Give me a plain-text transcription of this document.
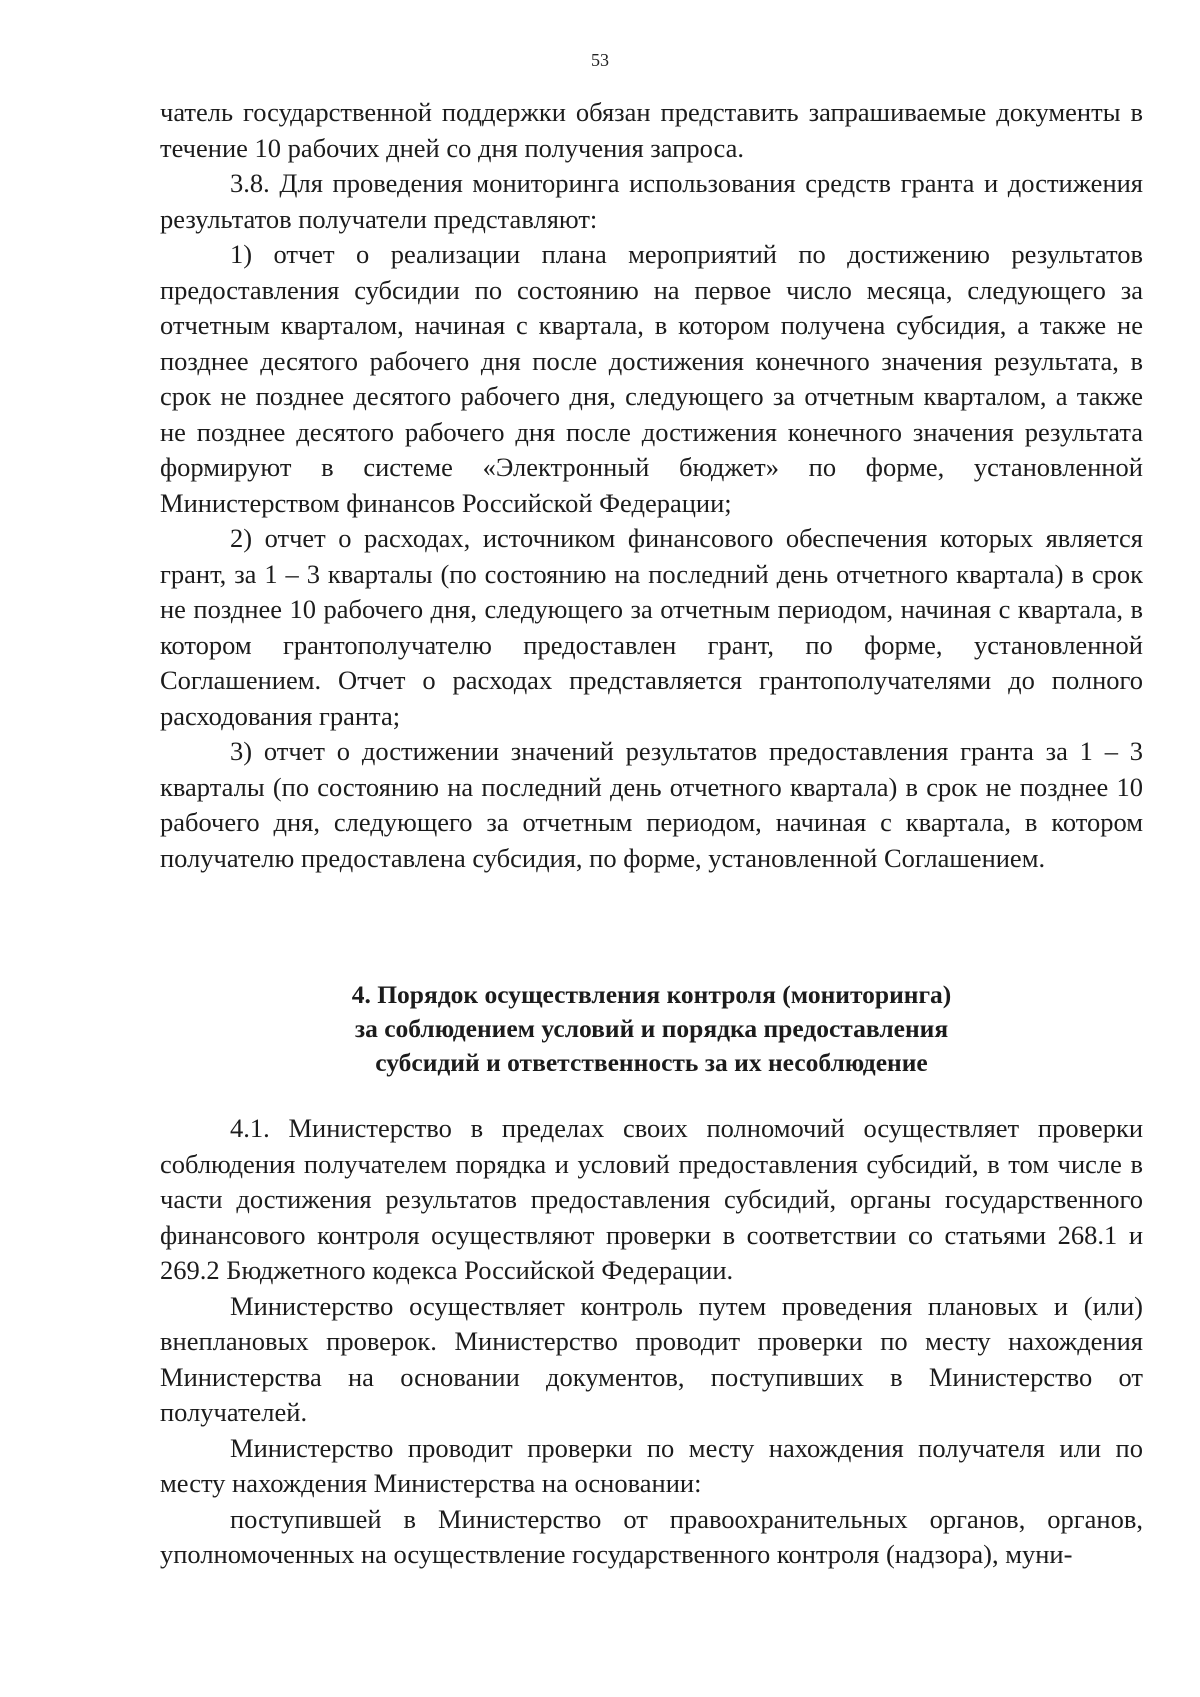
53

чатель государственной поддержки обязан представить запрашиваемые документы в течение 10 рабочих дней со дня получения запроса.

3.8. Для проведения мониторинга использования средств гранта и достижения результатов получатели представляют:

1) отчет о реализации плана мероприятий по достижению результатов предоставления субсидии по состоянию на первое число месяца, следующего за отчетным кварталом, начиная с квартала, в котором получена субсидия, а также не позднее десятого рабочего дня после достижения конечного значения результата, в срок не позднее десятого рабочего дня, следующего за отчетным кварталом, а также не позднее десятого рабочего дня после достижения конечного значения результата формируют в системе «Электронный бюджет» по форме, установленной Министерством финансов Российской Федерации;

2) отчет о расходах, источником финансового обеспечения которых является грант, за 1 – 3 кварталы (по состоянию на последний день отчетного квартала) в срок не позднее 10 рабочего дня, следующего за отчетным периодом, начиная с квартала, в котором грантополучателю предоставлен грант, по форме, установленной Соглашением. Отчет о расходах представляется грантополучателями до полного расходования гранта;

3) отчет о достижении значений результатов предоставления гранта за 1 – 3 кварталы (по состоянию на последний день отчетного квартала) в срок не позднее 10 рабочего дня, следующего за отчетным периодом, начиная с квартала, в котором получателю предоставлена субсидия, по форме, установленной Соглашением.

4. Порядок осуществления контроля (мониторинга)
за соблюдением условий и порядка предоставления
субсидий и ответственность за их несоблюдение

4.1. Министерство в пределах своих полномочий осуществляет проверки соблюдения получателем порядка и условий предоставления субсидий, в том числе в части достижения результатов предоставления субсидий, органы государственного финансового контроля осуществляют проверки в соответствии со статьями 268.1 и 269.2 Бюджетного кодекса Российской Федерации.

Министерство осуществляет контроль путем проведения плановых и (или) внеплановых проверок. Министерство проводит проверки по месту нахождения Министерства на основании документов, поступивших в Министерство от получателей.

Министерство проводит проверки по месту нахождения получателя или по месту нахождения Министерства на основании:

поступившей в Министерство от правоохранительных органов, органов, уполномоченных на осуществление государственного контроля (надзора), муни-
